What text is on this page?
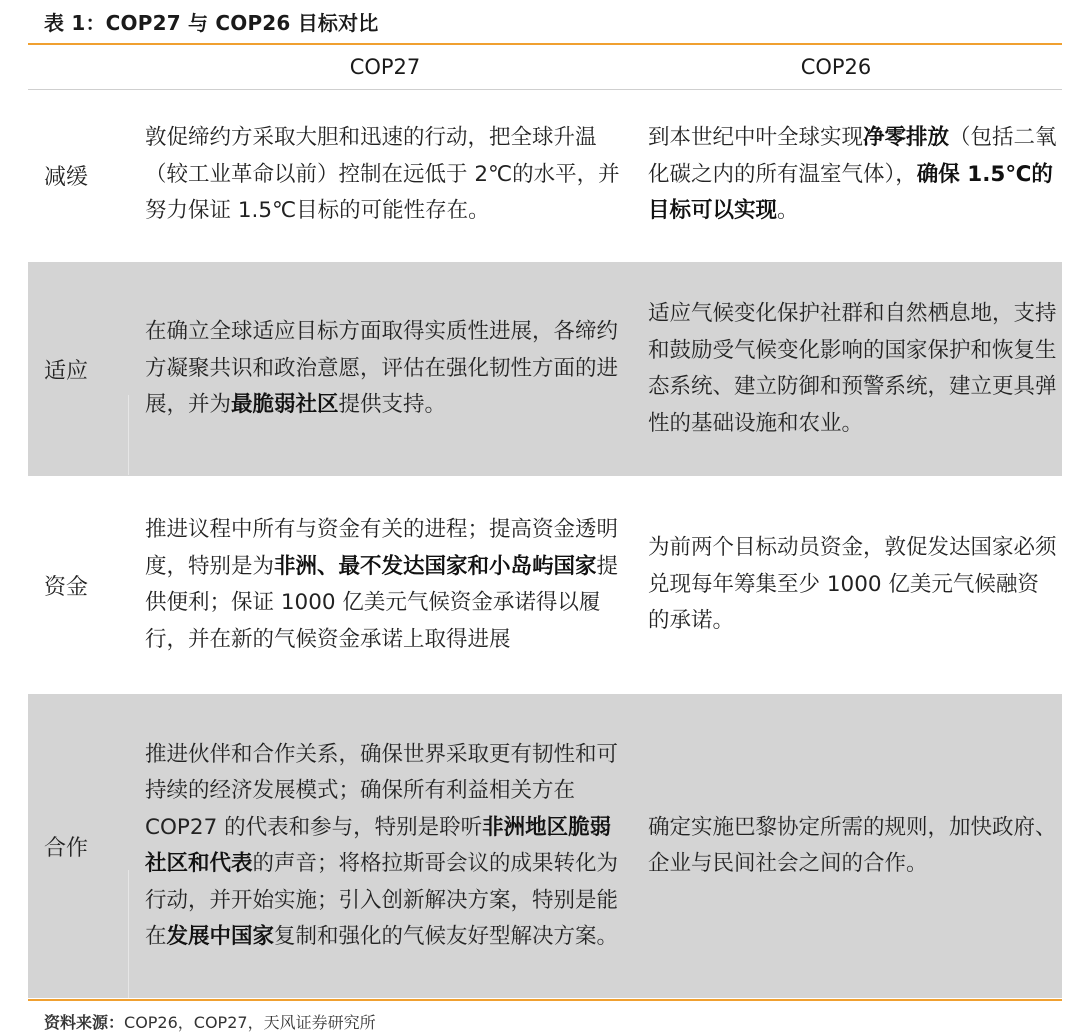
表 1：COP27 与 COP26 目标对比
COP27	COP26
减缓
敦促缔约方采取大胆和迅速的行动，把全球升温（较工业革命以前）控制在远低于 2℃的水平，并努力保证 1.5℃目标的可能性存在。
到本世纪中叶全球实现净零排放（包括二氧化碳之内的所有温室气体），确保 1.5℃的目标可以实现。
适应
在确立全球适应目标方面取得实质性进展，各缔约方凝聚共识和政治意愿，评估在强化韧性方面的进展，并为最脆弱社区提供支持。
适应气候变化保护社群和自然栖息地，支持和鼓励受气候变化影响的国家保护和恢复生态系统、建立防御和预警系统，建立更具弹性的基础设施和农业。
资金
推进议程中所有与资金有关的进程；提高资金透明度，特别是为非洲、最不发达国家和小岛屿国家提供便利；保证 1000 亿美元气候资金承诺得以履行，并在新的气候资金承诺上取得进展
为前两个目标动员资金，敦促发达国家必须兑现每年筹集至少 1000 亿美元气候融资的承诺。
合作
推进伙伴和合作关系，确保世界采取更有韧性和可持续的经济发展模式；确保所有利益相关方在 COP27 的代表和参与，特别是聆听非洲地区脆弱社区和代表的声音；将格拉斯哥会议的成果转化为行动，并开始实施；引入创新解决方案，特别是能在发展中国家复制和强化的气候友好型解决方案。
确定实施巴黎协定所需的规则，加快政府、企业与民间社会之间的合作。
资料来源：COP26，COP27，天风证券研究所
